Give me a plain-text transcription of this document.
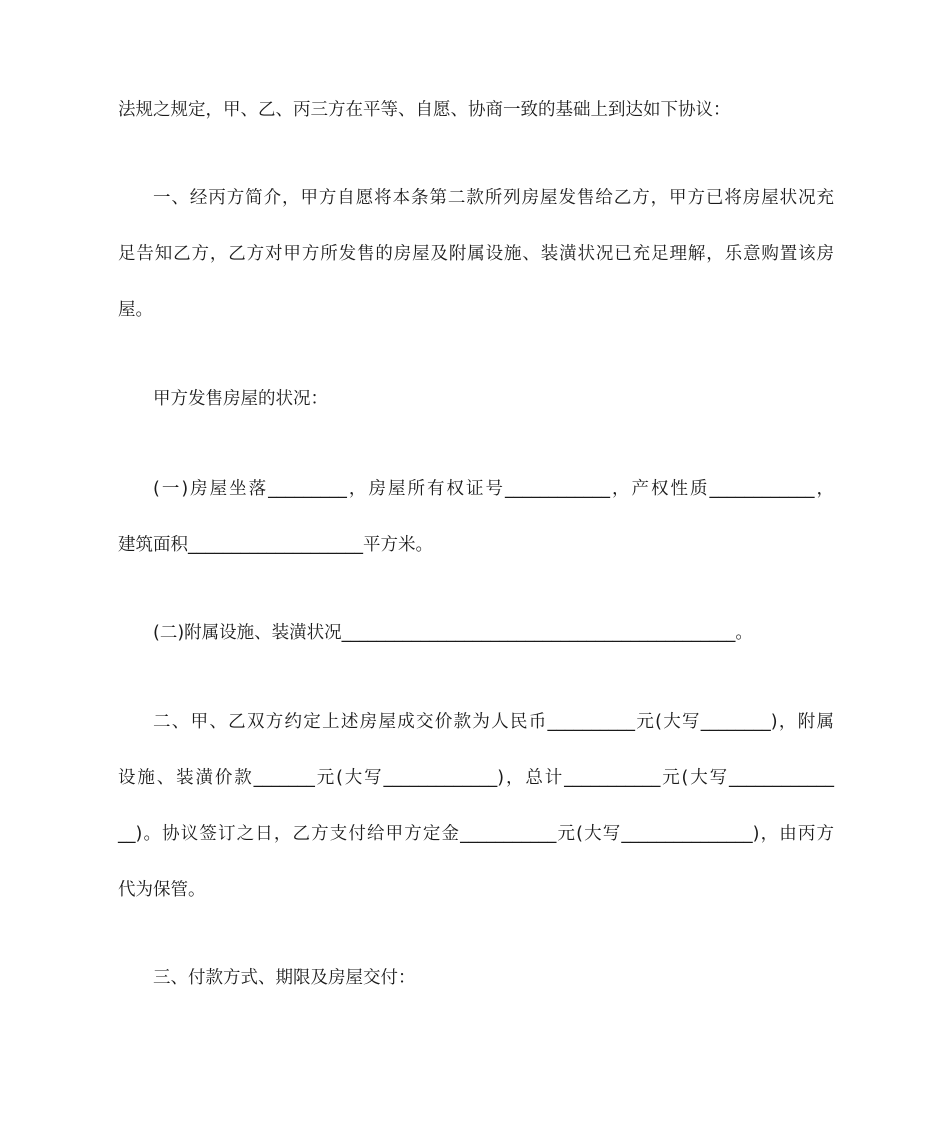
法规之规定，甲、乙、丙三方在平等、自愿、协商一致的基础上到达如下协议：
一、经丙方简介，甲方自愿将本条第二款所列房屋发售给乙方，甲方已将房屋状况充
足告知乙方，乙方对甲方所发售的房屋及附属设施、装潢状况已充足理解，乐意购置该房
屋。
甲方发售房屋的状况：
(一)房屋坐落_________，房屋所有权证号____________，产权性质____________，
建筑面积____________________平方米。
(二)附属设施、装潢状况_____________________________________________。
二、甲、乙双方约定上述房屋成交价款为人民币__________元(大写________)，附属
设施、装潢价款_______元(大写_____________)，总计___________元(大写____________
__)。协议签订之日，乙方支付给甲方定金___________元(大写_______________)，由丙方
代为保管。
三、付款方式、期限及房屋交付：
